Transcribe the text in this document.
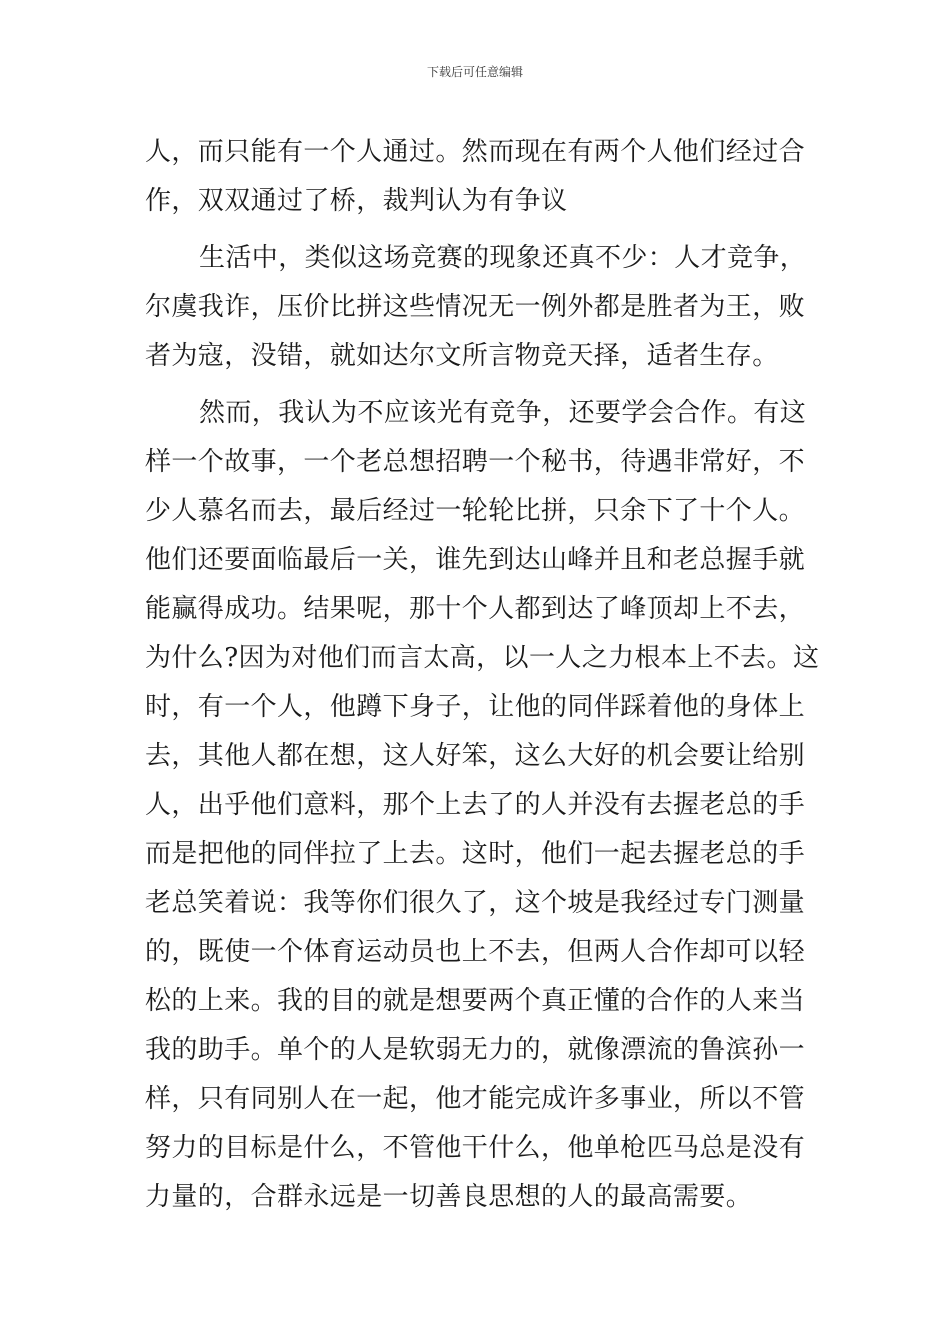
下载后可任意编辑
人，而只能有一个人通过。然而现在有两个人他们经过合
作，双双通过了桥，裁判认为有争议
生活中，类似这场竞赛的现象还真不少：人才竞争，
尔虞我诈，压价比拼这些情况无一例外都是胜者为王，败
者为寇，没错，就如达尔文所言物竞天择，适者生存。
然而，我认为不应该光有竞争，还要学会合作。有这
样一个故事，一个老总想招聘一个秘书，待遇非常好，不
少人慕名而去，最后经过一轮轮比拼，只余下了十个人。
他们还要面临最后一关，谁先到达山峰并且和老总握手就
能赢得成功。结果呢，那十个人都到达了峰顶却上不去，
为什么?因为对他们而言太高，以一人之力根本上不去。这
时，有一个人，他蹲下身子，让他的同伴踩着他的身体上
去，其他人都在想，这人好笨，这么大好的机会要让给别
人，出乎他们意料，那个上去了的人并没有去握老总的手
而是把他的同伴拉了上去。这时，他们一起去握老总的手
老总笑着说：我等你们很久了，这个坡是我经过专门测量
的，既使一个体育运动员也上不去，但两人合作却可以轻
松的上来。我的目的就是想要两个真正懂的合作的人来当
我的助手。单个的人是软弱无力的，就像漂流的鲁滨孙一
样，只有同别人在一起，他才能完成许多事业，所以不管
努力的目标是什么，不管他干什么，他单枪匹马总是没有
力量的，合群永远是一切善良思想的人的最高需要。
